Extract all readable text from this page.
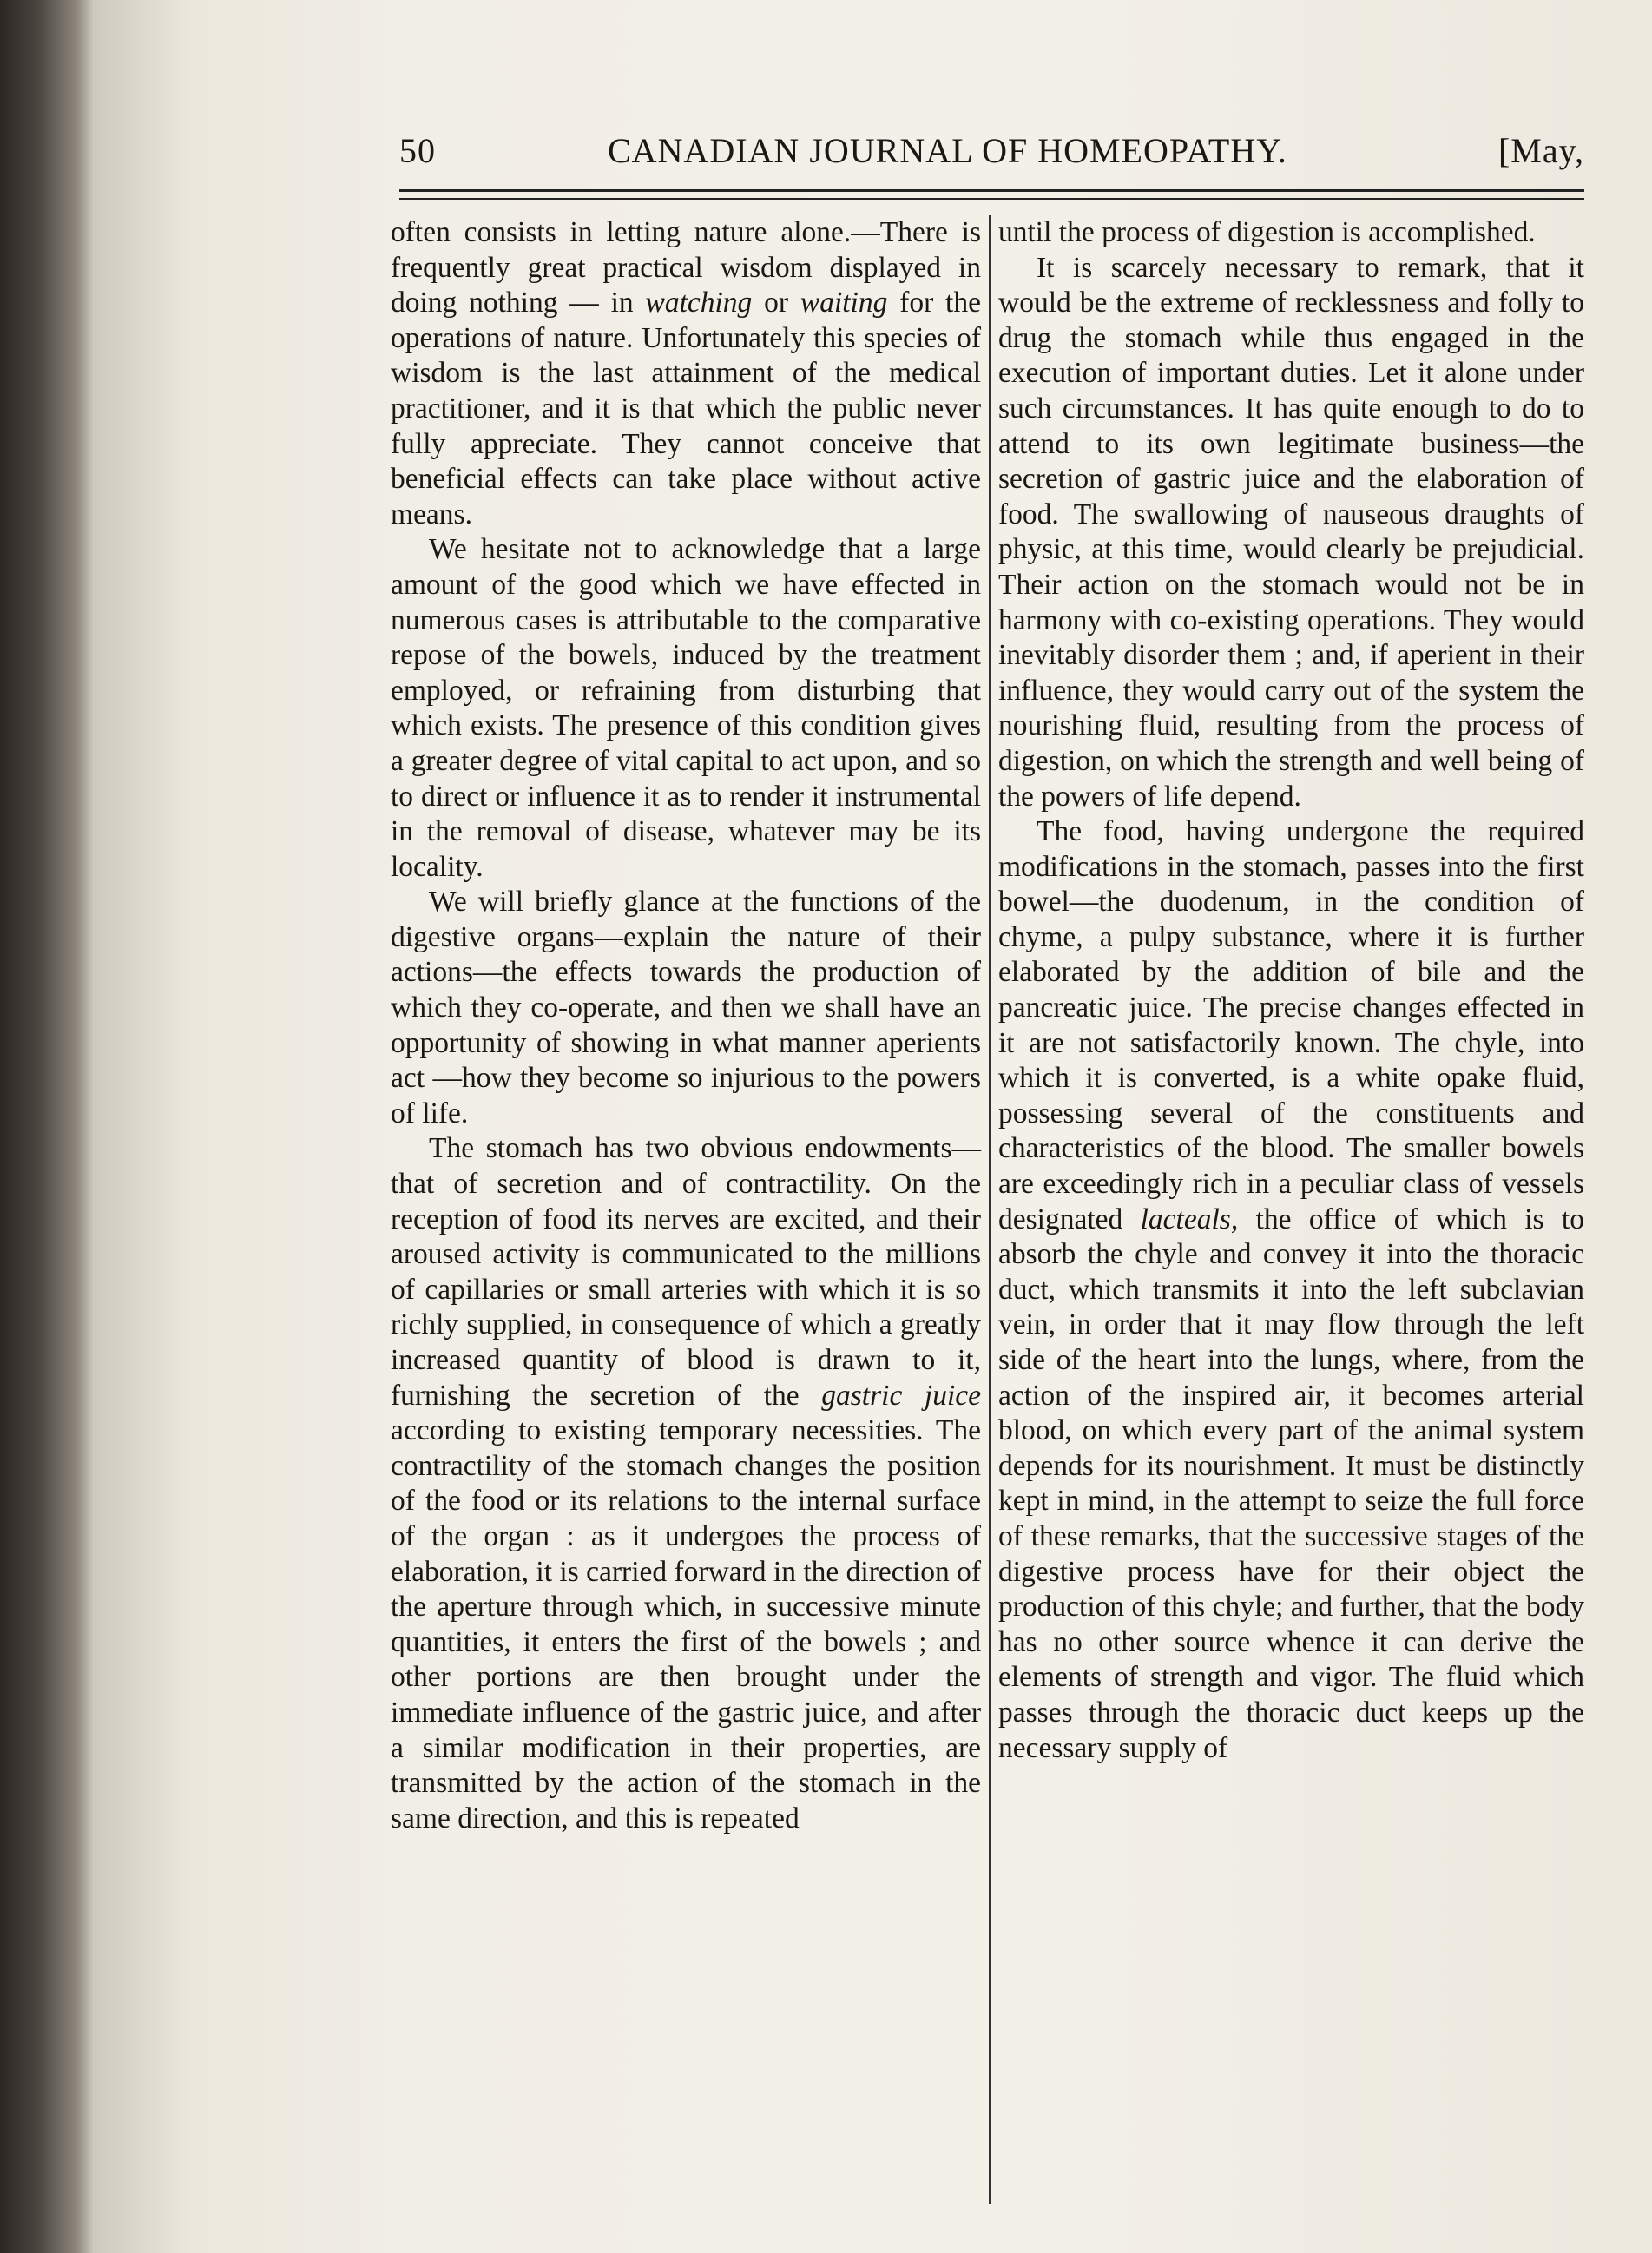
50	CANADIAN JOURNAL OF HOMEOPATHY.	[May,

often consists in letting nature alone.—There is frequently great practical wisdom displayed in doing nothing — in watching or waiting for the operations of nature. Unfortunately this species of wisdom is the last attainment of the medical practitioner, and it is that which the public never fully appreciate. They cannot conceive that beneficial effects can take place without active means.

We hesitate not to acknowledge that a large amount of the good which we have effected in numerous cases is attributable to the comparative repose of the bowels, induced by the treatment employed, or refraining from disturbing that which exists. The presence of this condition gives a greater degree of vital capital to act upon, and so to direct or influence it as to render it instrumental in the removal of disease, whatever may be its locality.

We will briefly glance at the functions of the digestive organs—explain the nature of their actions—the effects towards the production of which they co-operate, and then we shall have an opportunity of showing in what manner aperients act —how they become so injurious to the powers of life.

The stomach has two obvious endowments—that of secretion and of contractility. On the reception of food its nerves are excited, and their aroused activity is communicated to the millions of capillaries or small arteries with which it is so richly supplied, in consequence of which a greatly increased quantity of blood is drawn to it, furnishing the secretion of the gastric juice according to existing temporary necessities. The contractility of the stomach changes the position of the food or its relations to the internal surface of the organ : as it undergoes the process of elaboration, it is carried forward in the direction of the aperture through which, in successive minute quantities, it enters the first of the bowels ; and other portions are then brought under the immediate influence of the gastric juice, and after a similar modification in their properties, are transmitted by the action of the stomach in the same direction, and this is repeated

until the process of digestion is accomplished.

It is scarcely necessary to remark, that it would be the extreme of recklessness and folly to drug the stomach while thus engaged in the execution of important duties. Let it alone under such circumstances. It has quite enough to do to attend to its own legitimate business—the secretion of gastric juice and the elaboration of food. The swallowing of nauseous draughts of physic, at this time, would clearly be prejudicial. Their action on the stomach would not be in harmony with co-existing operations. They would inevitably disorder them ; and, if aperient in their influence, they would carry out of the system the nourishing fluid, resulting from the process of digestion, on which the strength and well being of the powers of life depend.

The food, having undergone the required modifications in the stomach, passes into the first bowel—the duodenum, in the condition of chyme, a pulpy substance, where it is further elaborated by the addition of bile and the pancreatic juice. The precise changes effected in it are not satisfactorily known. The chyle, into which it is converted, is a white opake fluid, possessing several of the constituents and characteristics of the blood. The smaller bowels are exceedingly rich in a peculiar class of vessels designated lacteals, the office of which is to absorb the chyle and convey it into the thoracic duct, which transmits it into the left subclavian vein, in order that it may flow through the left side of the heart into the lungs, where, from the action of the inspired air, it becomes arterial blood, on which every part of the animal system depends for its nourishment. It must be distinctly kept in mind, in the attempt to seize the full force of these remarks, that the successive stages of the digestive process have for their object the production of this chyle; and further, that the body has no other source whence it can derive the elements of strength and vigor. The fluid which passes through the thoracic duct keeps up the necessary supply of
